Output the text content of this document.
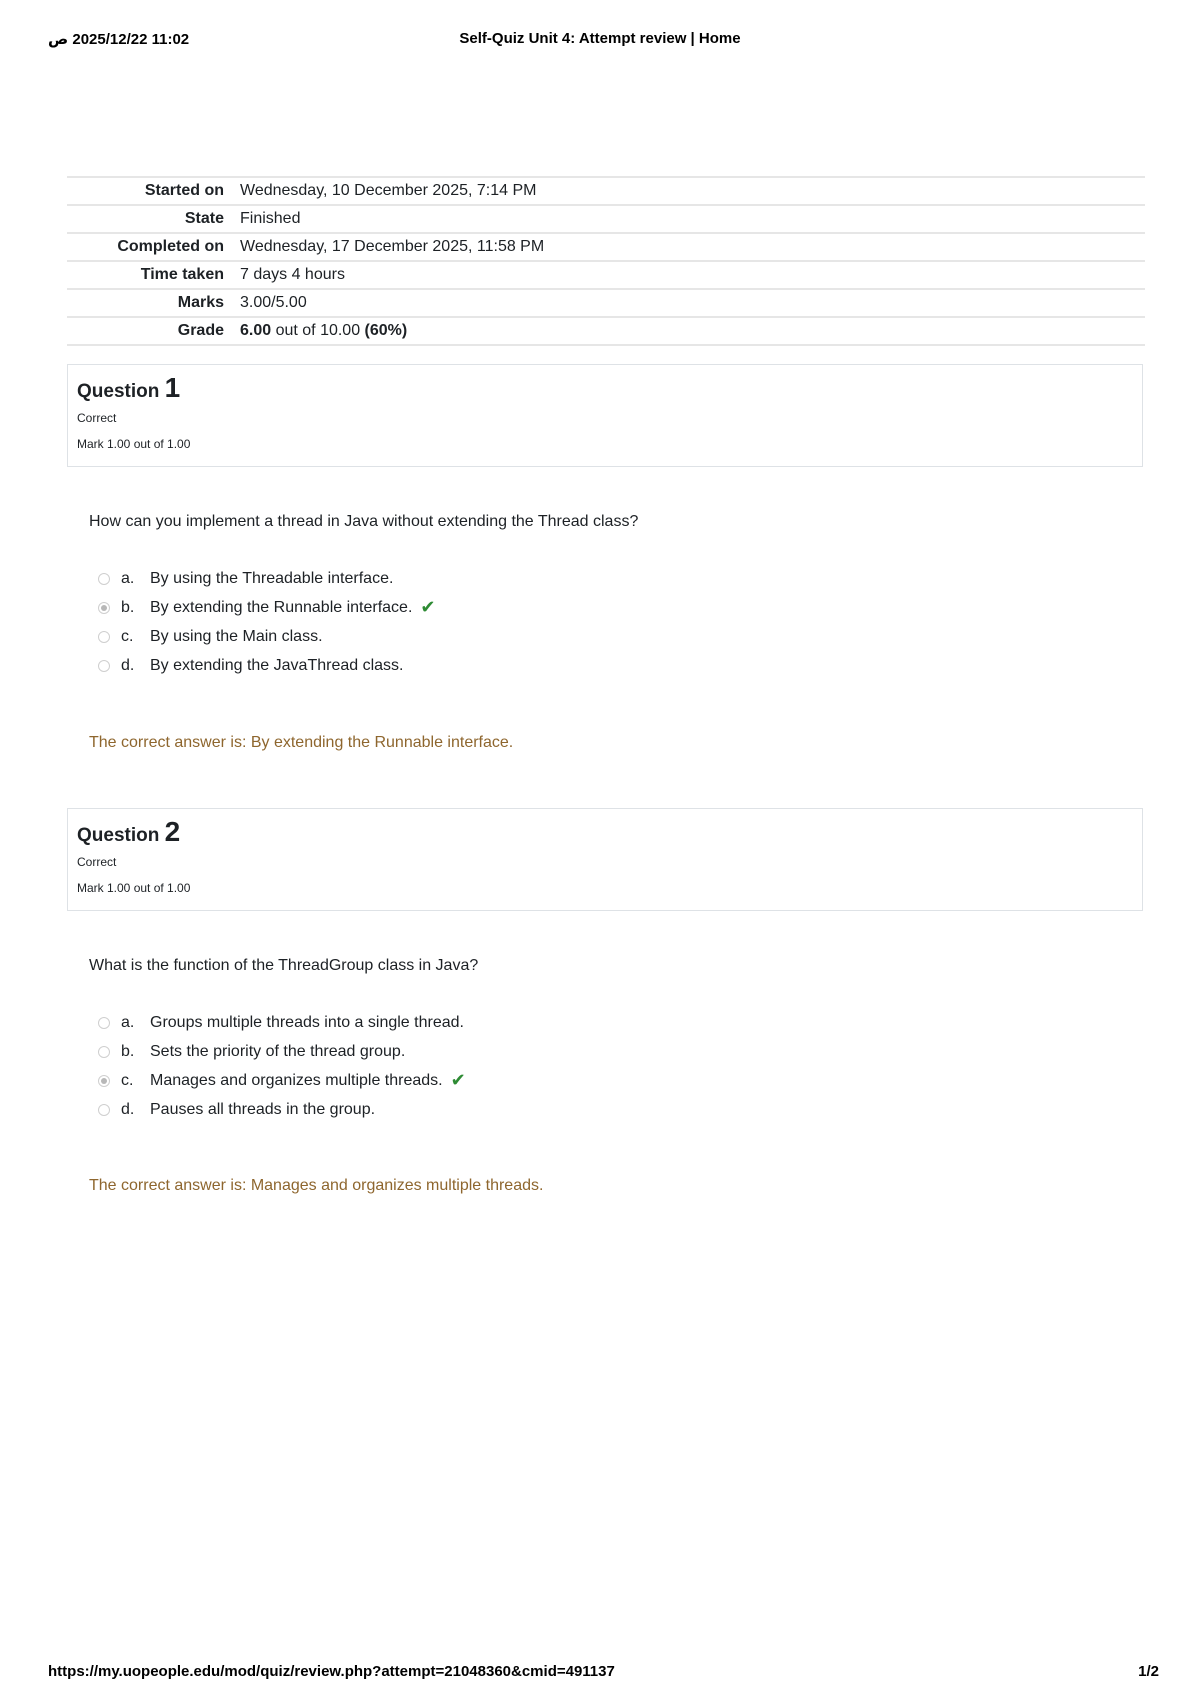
11:02 2025/12/22 ص	Self-Quiz Unit 4: Attempt review | Home
Started on	Wednesday, 10 December 2025, 7:14 PM
State	Finished
Completed on	Wednesday, 17 December 2025, 11:58 PM
Time taken	7 days 4 hours
Marks	3.00/5.00
Grade	6.00 out of 10.00 (60%)
Question 1
Correct
Mark 1.00 out of 1.00
How can you implement a thread in Java without extending the Thread class?
a. By using the Threadable interface.
b. By extending the Runnable interface. ✔
c.	By using the Main class.
d. By extending the JavaThread class.
The correct answer is: By extending the Runnable interface.
Question 2
Correct
Mark 1.00 out of 1.00
What is the function of the ThreadGroup class in Java?
a. Groups multiple threads into a single thread.
b. Sets the priority of the thread group.
c.	Manages and organizes multiple threads. ✔
d. Pauses all threads in the group.
The correct answer is: Manages and organizes multiple threads.
https://my.uopeople.edu/mod/quiz/review.php?attempt=21048360&cmid=491137	1/2
